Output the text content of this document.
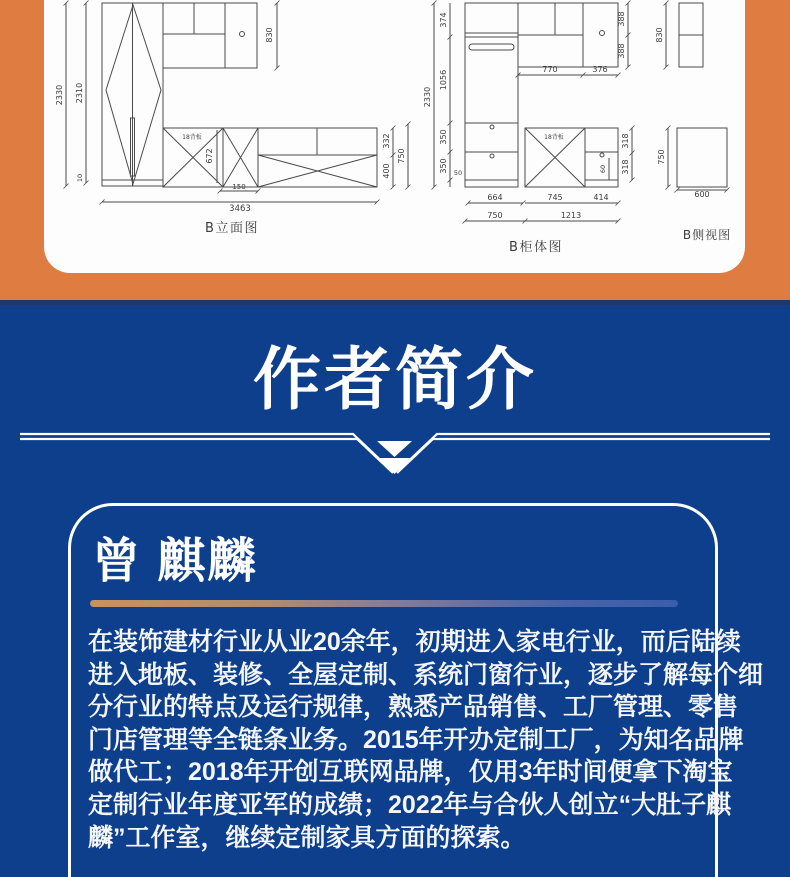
2330 2310
10
830
672
18背板	332
750
400
150
3463
B立面图
2330
374
1056
350
350 50
388
388
770	376
18背板
60
318
318
664	745	414
750	1213
B柜体图
830
750
600
B侧视图
作者简介
曾 麒麟
在装饰建材行业从业20余年，初期进入家电行业，而后陆续
进入地板、装修、全屋定制、系统门窗行业，逐步了解每个细
分行业的特点及运行规律，熟悉产品销售、工厂管理、零售
门店管理等全链条业务。2015年开办定制工厂，为知名品牌
做代工；2018年开创互联网品牌，仅用3年时间便拿下淘宝
定制行业年度亚军的成绩；2022年与合伙人创立“大肚子麒
麟”工作室，继续定制家具方面的探索。
